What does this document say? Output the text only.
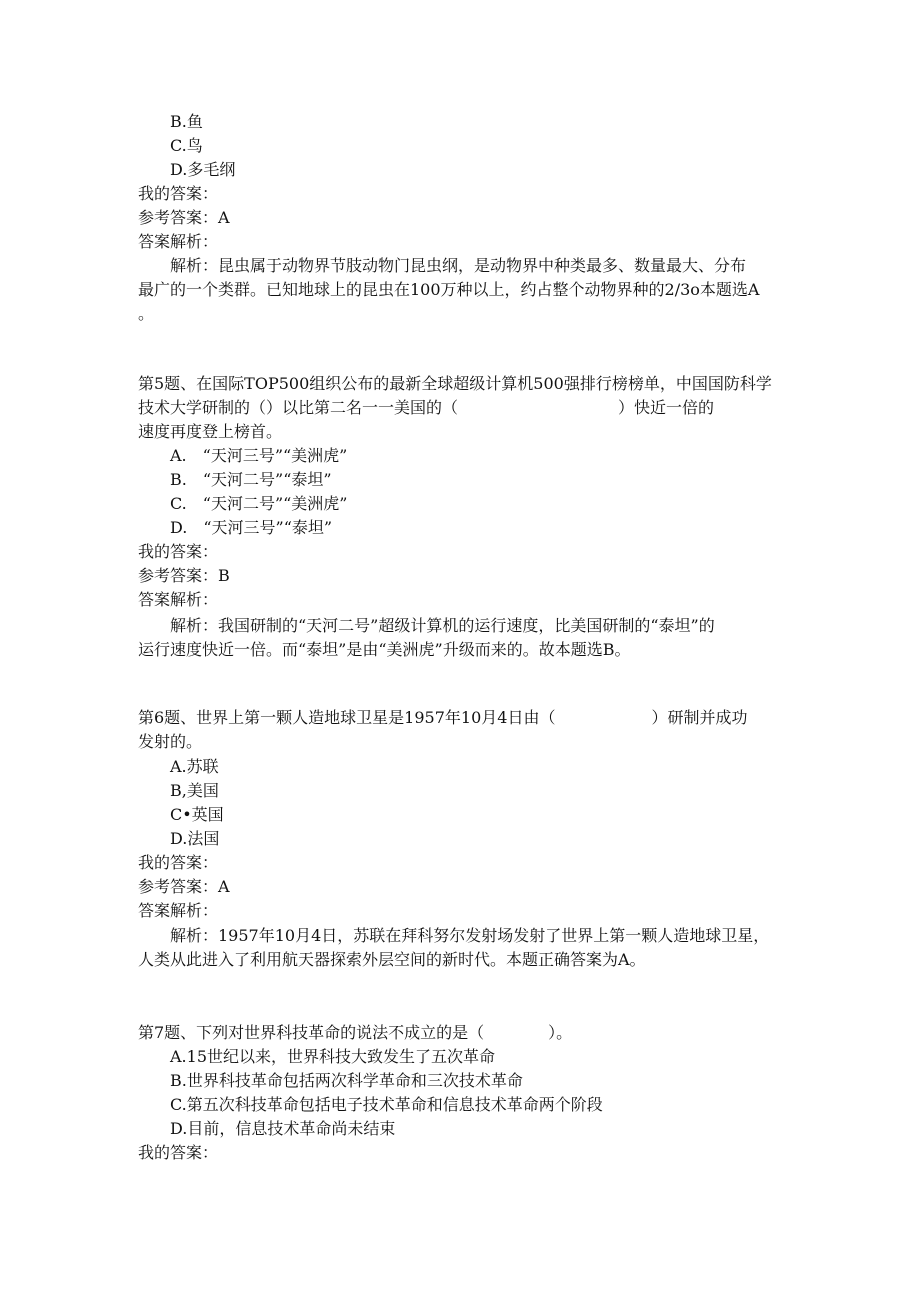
B.鱼
C.鸟
D.多毛纲
我的答案：
参考答案：A
答案解析：
解析：昆虫属于动物界节肢动物门昆虫纲，是动物界中种类最多、数量最大、分布
最广的一个类群。已知地球上的昆虫在100万种以上，约占整个动物界种的2/3o本题选A
。
第5题、在国际TOP500组织公布的最新全球超级计算机500强排行榜榜单，中国国防科学
技术大学研制的（）以比第二名一一美国的（　　　　　　　　　　）快近一倍的
速度再度登上榜首。
A.　“天河三号”“美洲虎”
B.　“天河二号”“泰坦”
C.　“天河二号”“美洲虎”
D.　“天河三号”“泰坦”
我的答案：
参考答案：B
答案解析：
解析：我国研制的“天河二号”超级计算机的运行速度，比美国研制的“泰坦”的
运行速度快近一倍。而“泰坦”是由“美洲虎”升级而来的。故本题选B。
第6题、世界上第一颗人造地球卫星是1957年10月4日由（　　　　　　）研制并成功
发射的。
A.苏联
B,美国
C•英国
D.法国
我的答案：
参考答案：A
答案解析：
解析：1957年10月4日，苏联在拜科努尔发射场发射了世界上第一颗人造地球卫星，
人类从此进入了利用航天器探索外层空间的新时代。本题正确答案为A。
第7题、下列对世界科技革命的说法不成立的是（　　　　）。
A.15世纪以来，世界科技大致发生了五次革命
B.世界科技革命包括两次科学革命和三次技术革命
C.第五次科技革命包括电子技术革命和信息技术革命两个阶段
D.目前，信息技术革命尚未结束
我的答案：
